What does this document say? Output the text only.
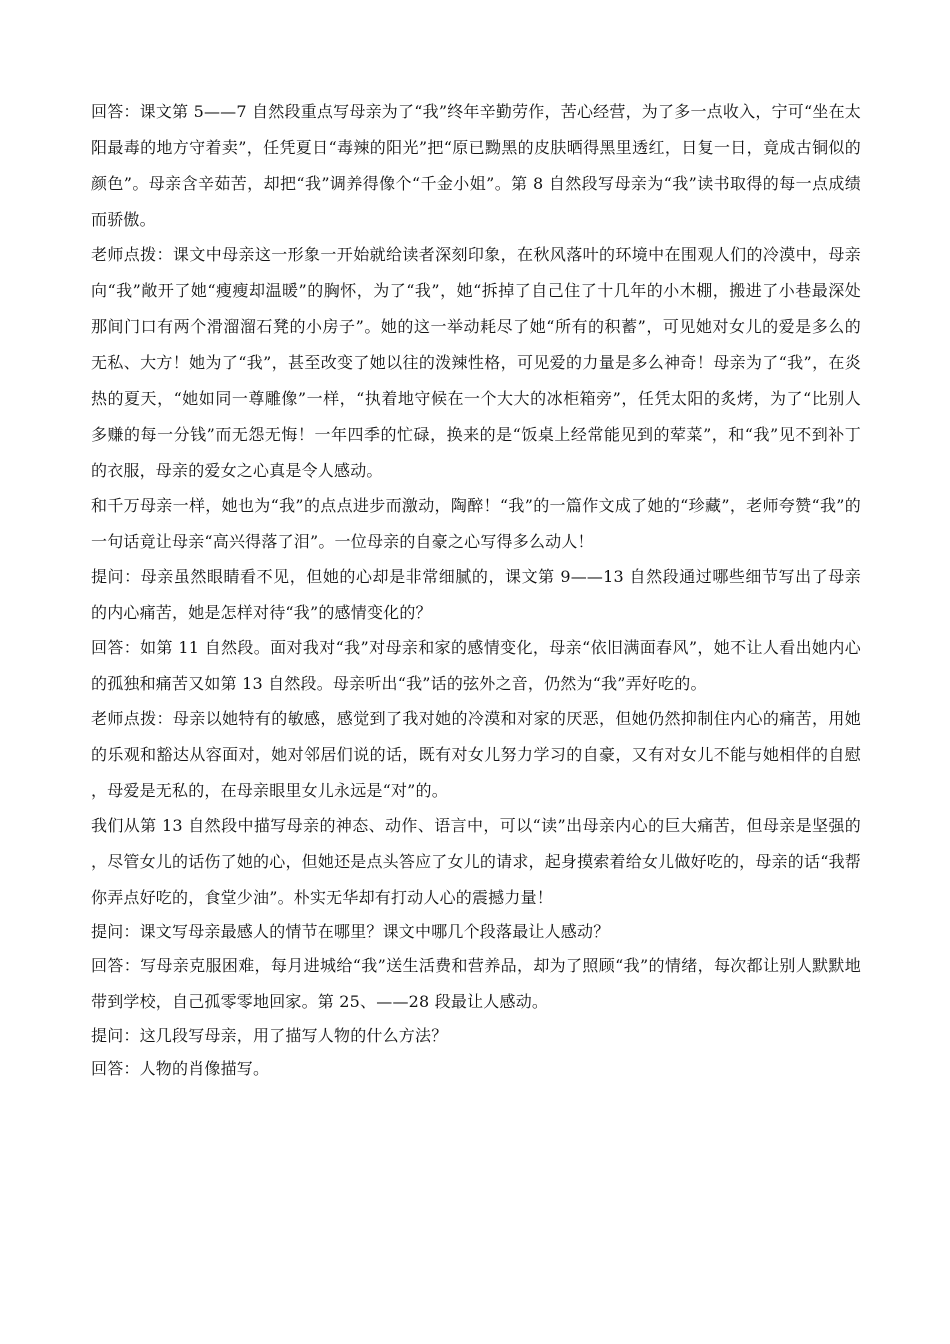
回答：课文第 5——7 自然段重点写母亲为了“我”终年辛勤劳作，苦心经营，为了多一点收入，宁可“坐在太阳最毒的地方守着卖”，任凭夏日“毒辣的阳光”把“原已黝黑的皮肤晒得黑里透红，日复一日，竟成古铜似的颜色”。母亲含辛茹苦，却把“我”调养得像个“千金小姐”。第 8 自然段写母亲为“我”读书取得的每一点成绩而骄傲。

老师点拨：课文中母亲这一形象一开始就给读者深刻印象，在秋风落叶的环境中在围观人们的冷漠中，母亲向“我”敞开了她“瘦瘦却温暖”的胸怀，为了“我”，她“拆掉了自己住了十几年的小木棚，搬进了小巷最深处那间门口有两个滑溜溜石凳的小房子”。她的这一举动耗尽了她“所有的积蓄”，可见她对女儿的爱是多么的无私、大方！她为了“我”，甚至改变了她以往的泼辣性格，可见爱的力量是多么神奇！母亲为了“我”，在炎热的夏天，“她如同一尊雕像”一样，“执着地守候在一个大大的冰柜箱旁”，任凭太阳的炙烤，为了“比别人多赚的每一分钱”而无怨无悔！一年四季的忙碌，换来的是“饭桌上经常能见到的荤菜”，和“我”见不到补丁的衣服，母亲的爱女之心真是令人感动。

和千万母亲一样，她也为“我”的点点进步而激动，陶醉！“我”的一篇作文成了她的“珍藏”，老师夸赞“我”的一句话竟让母亲“高兴得落了泪”。一位母亲的自豪之心写得多么动人！

提问：母亲虽然眼睛看不见，但她的心却是非常细腻的，课文第 9——13 自然段通过哪些细节写出了母亲的内心痛苦，她是怎样对待“我”的感情变化的？

回答：如第 11 自然段。面对我对“我”对母亲和家的感情变化，母亲“依旧满面春风”，她不让人看出她内心的孤独和痛苦又如第 13 自然段。母亲听出“我”话的弦外之音，仍然为“我”弄好吃的。

老师点拨：母亲以她特有的敏感，感觉到了我对她的冷漠和对家的厌恶，但她仍然抑制住内心的痛苦，用她的乐观和豁达从容面对，她对邻居们说的话，既有对女儿努力学习的自豪，又有对女儿不能与她相伴的自慰，母爱是无私的，在母亲眼里女儿永远是“对”的。

我们从第 13 自然段中描写母亲的神态、动作、语言中，可以“读”出母亲内心的巨大痛苦，但母亲是坚强的，尽管女儿的话伤了她的心，但她还是点头答应了女儿的请求，起身摸索着给女儿做好吃的，母亲的话“我帮你弄点好吃的，食堂少油”。朴实无华却有打动人心的震撼力量！

提问：课文写母亲最感人的情节在哪里？课文中哪几个段落最让人感动？

回答：写母亲克服困难，每月进城给“我”送生活费和营养品，却为了照顾“我”的情绪，每次都让别人默默地带到学校，自己孤零零地回家。第 25、——28 段最让人感动。

提问：这几段写母亲，用了描写人物的什么方法？

回答：人物的肖像描写。
